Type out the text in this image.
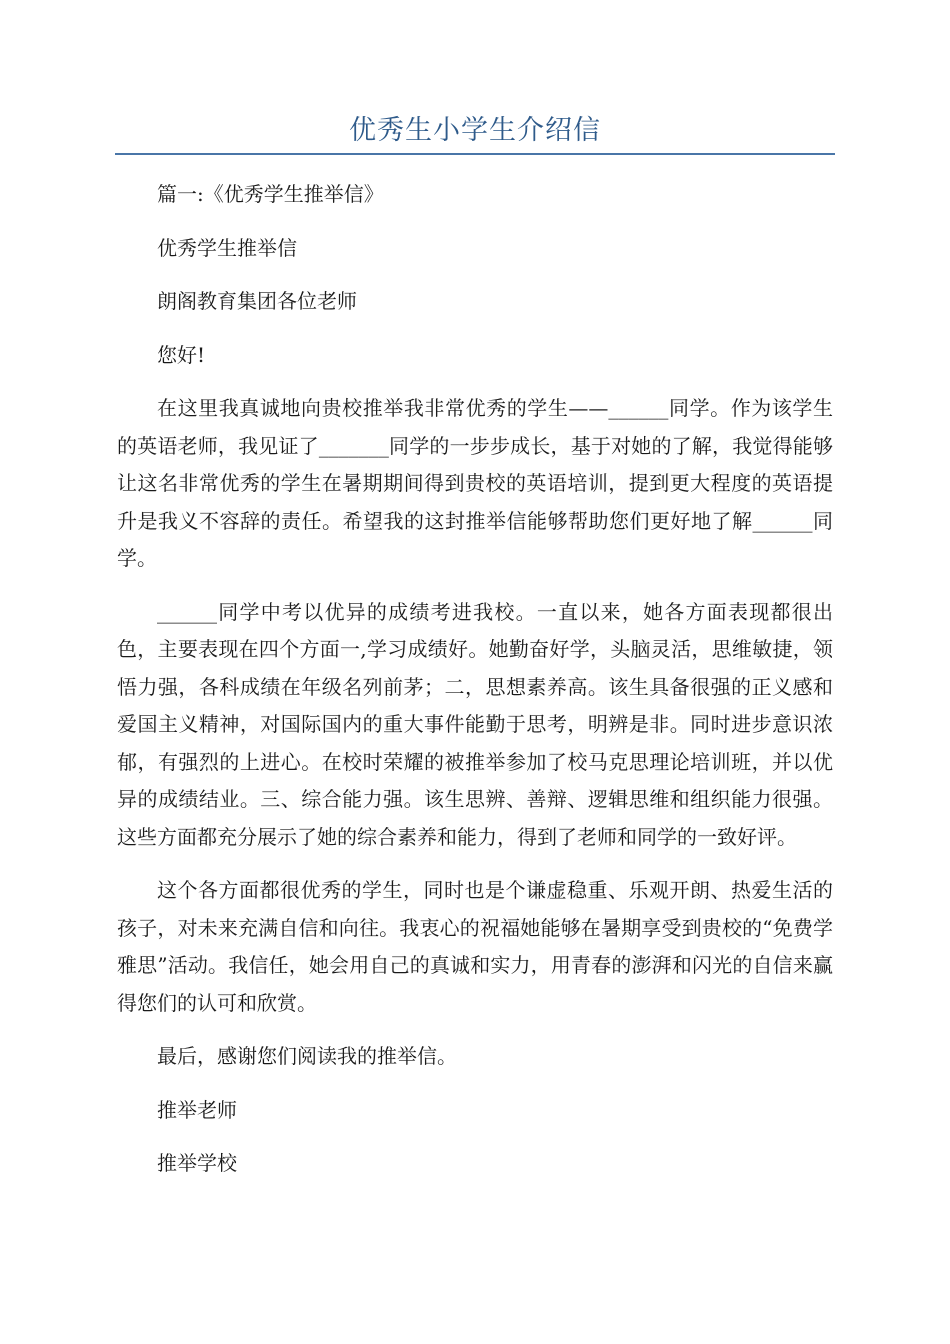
优秀生小学生介绍信

篇一:《优秀学生推举信》

优秀学生推举信

朗阁教育集团各位老师

您好!

在这里我真诚地向贵校推举我非常优秀的学生——______同学。作为该学生的英语老师，我见证了_______同学的一步步成长，基于对她的了解，我觉得能够让这名非常优秀的学生在暑期期间得到贵校的英语培训，提到更大程度的英语提升是我义不容辞的责任。希望我的这封推举信能够帮助您们更好地了解______同学。

______同学中考以优异的成绩考进我校。一直以来，她各方面表现都很出色，主要表现在四个方面一,学习成绩好。她勤奋好学，头脑灵活，思维敏捷，领悟力强，各科成绩在年级名列前茅；二，思想素养高。该生具备很强的正义感和爱国主义精神，对国际国内的重大事件能勤于思考，明辨是非。同时进步意识浓郁，有强烈的上进心。在校时荣耀的被推举参加了校马克思理论培训班，并以优异的成绩结业。三、综合能力强。该生思辨、善辩、逻辑思维和组织能力很强。这些方面都充分展示了她的综合素养和能力，得到了老师和同学的一致好评。

这个各方面都很优秀的学生，同时也是个谦虚稳重、乐观开朗、热爱生活的孩子，对未来充满自信和向往。我衷心的祝福她能够在暑期享受到贵校的“免费学雅思”活动。我信任，她会用自己的真诚和实力，用青春的澎湃和闪光的自信来赢得您们的认可和欣赏。

最后，感谢您们阅读我的推举信。

推举老师

推举学校
